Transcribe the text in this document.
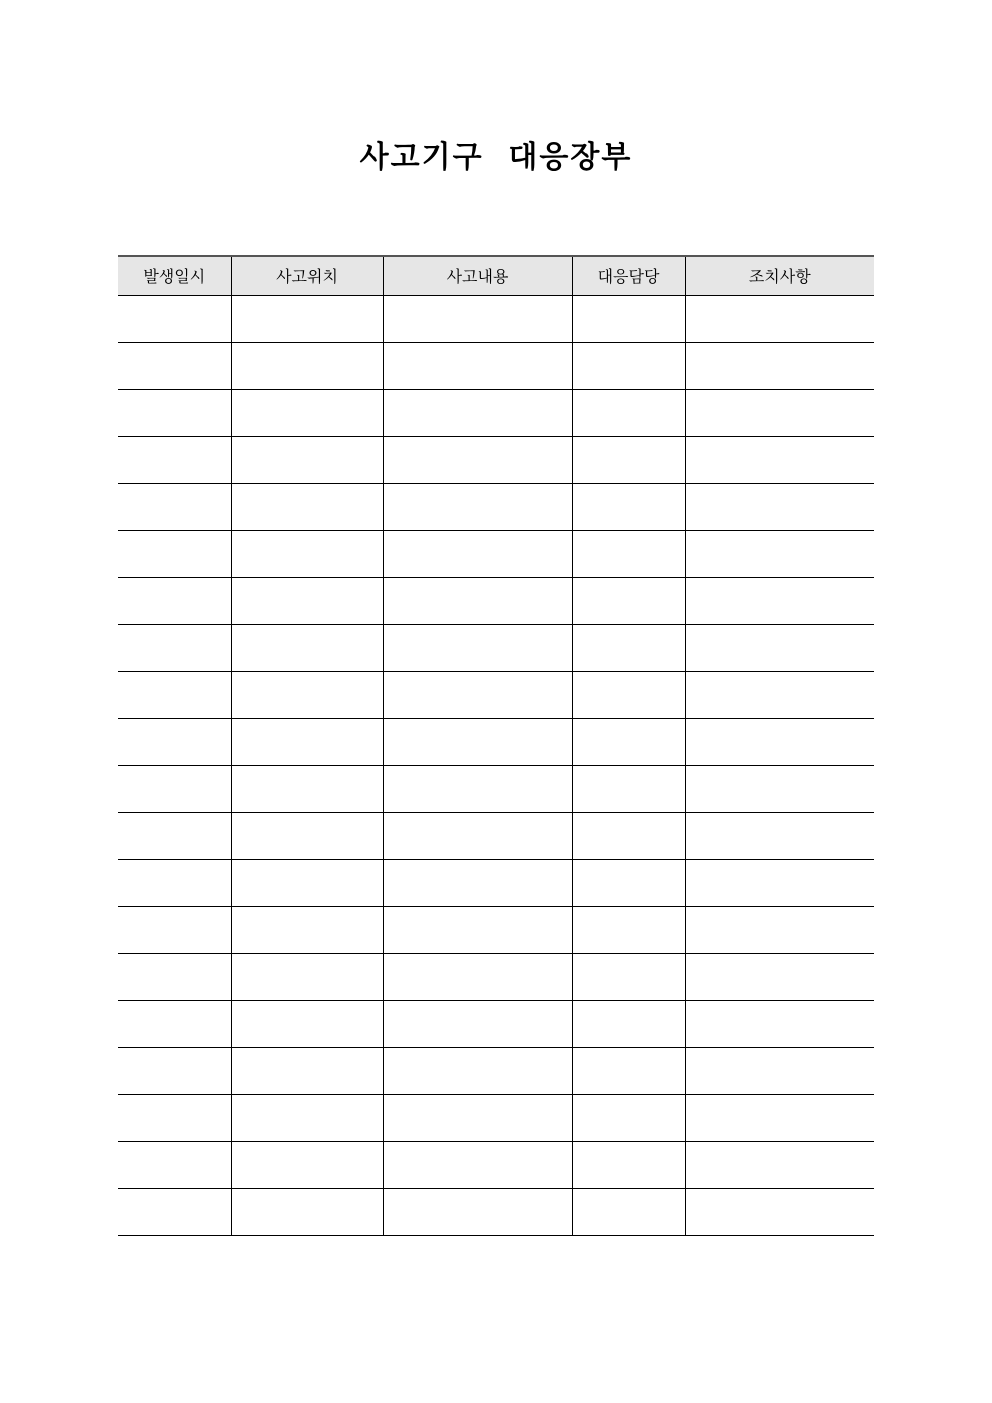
사고기구  대응장부
발생일시	사고위치	사고내용	대응담당	조치사항
